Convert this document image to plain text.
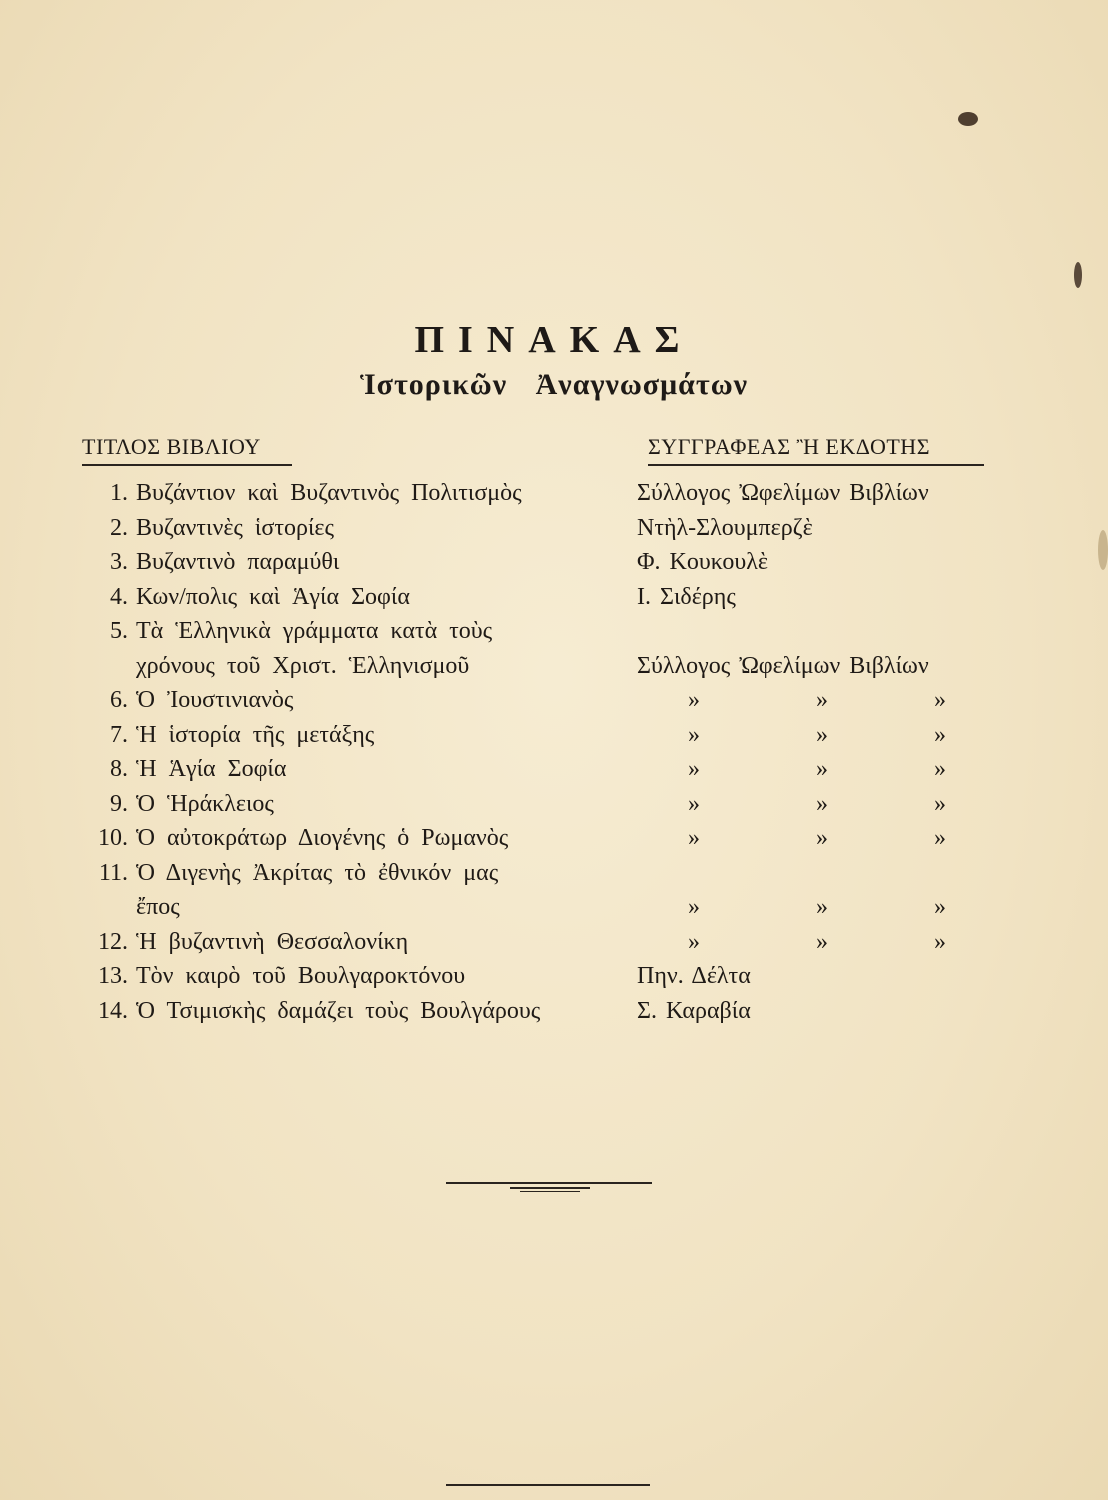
ΠΙΝΑΚΑΣ
Ἱστορικῶν Ἀναγνωσμάτων
ΤΙΤΛΟΣ ΒΙΒΛΙΟΥ	ΣΥΓΓΡΑΦΕΑΣ Ἢ ΕΚΔΟΤΗΣ
1. Βυζάντιον καὶ Βυζαντινὸς Πολιτισμὸς	Σύλλογος Ὠφελίμων Βιβλίων
2. Βυζαντινὲς ἱστορίες	Ντὴλ-Σλουμπερζὲ
3. Βυζαντινὸ παραμύθι	Φ. Κουκουλὲ
4. Κων/πολις καὶ Ἁγία Σοφία	Ι. Σιδέρης
5. Τὰ Ἑλληνικὰ γράμματα κατὰ τοὺς
χρόνους τοῦ Χριστ. Ἑλληνισμοῦ	Σύλλογος Ὠφελίμων Βιβλίων
6. Ὁ Ἰουστινιανὸς	»	»	»
7. Ἡ ἱστορία τῆς μετάξης	»	»	»
8. Ἡ Ἁγία Σοφία	»	»	»
9. Ὁ Ἡράκλειος	»	»	»
10. Ὁ αὐτοκράτωρ Διογένης ὁ Ρωμανὸς	»	»	»
11. Ὁ Διγενὴς Ἀκρίτας τὸ ἐθνικόν μας
ἔπος	»	»	»
12. Ἡ βυζαντινὴ Θεσσαλονίκη	»	»	»
13. Τὸν καιρὸ τοῦ Βουλγαροκτόνου	Πην. Δέλτα
14. Ὁ Τσιμισκὴς δαμάζει τοὺς Βουλγάρους	Σ. Καραβία
